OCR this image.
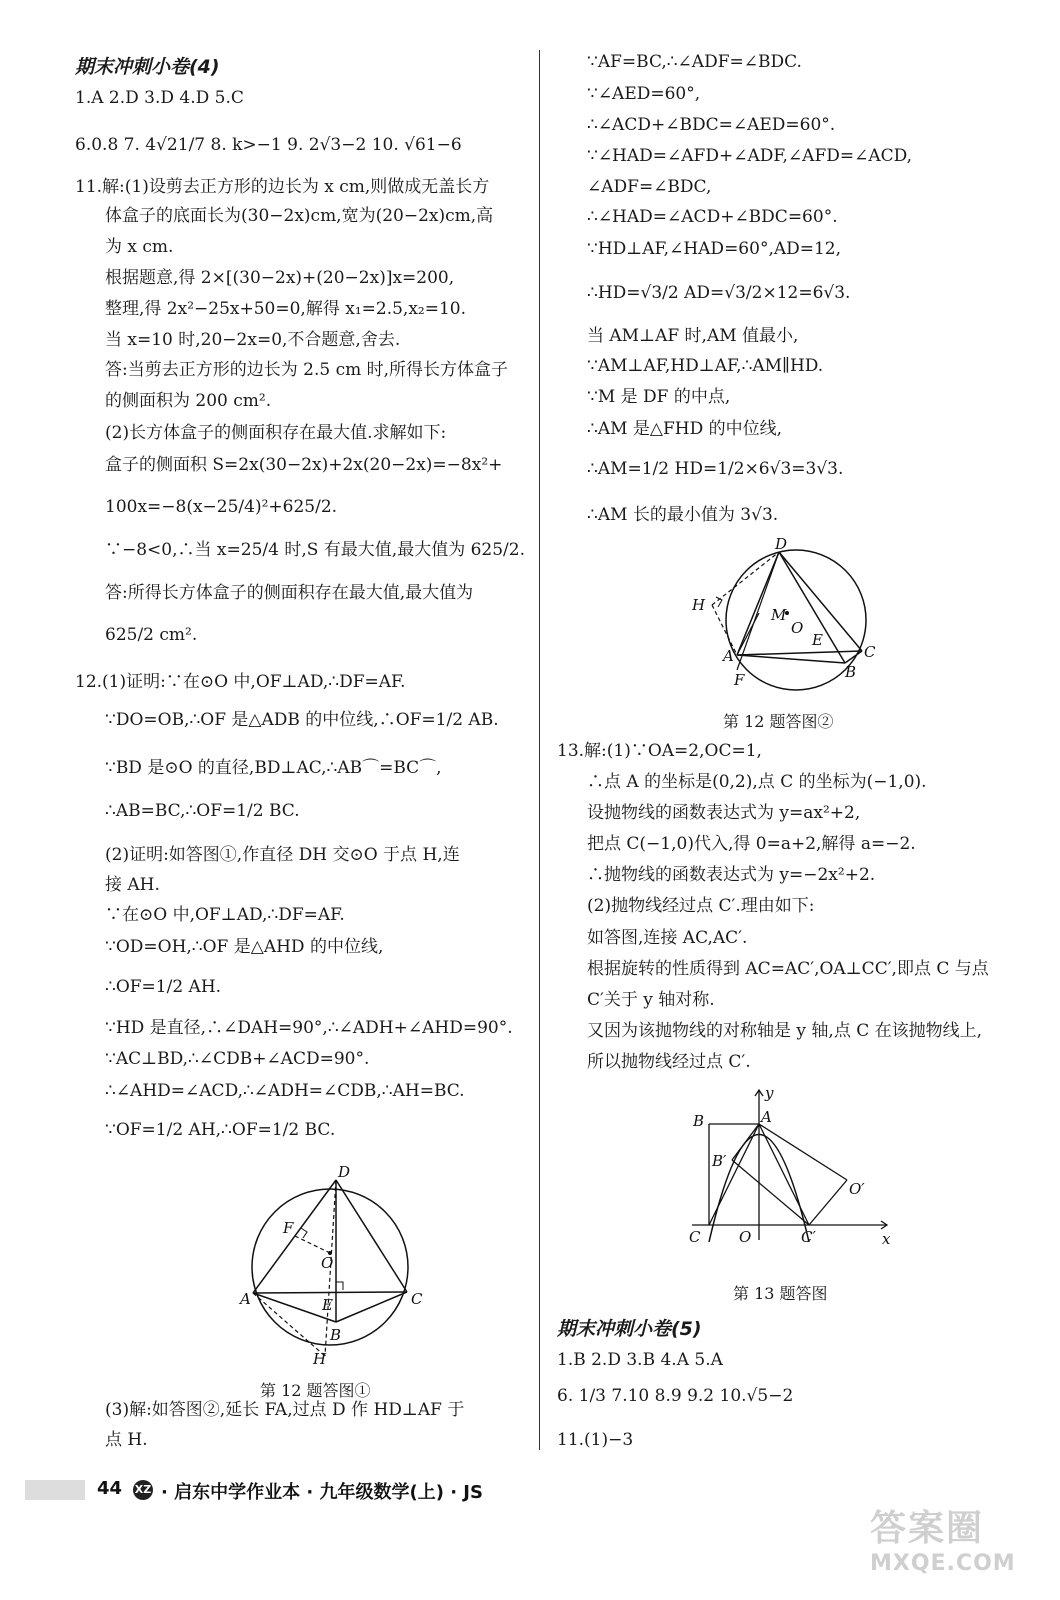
期末冲刺小卷(4)
1.A 2.D 3.D 4.D 5.C
6.0.8 7. 4√21/7 8. k>−1 9. 2√3−2 10. √61−6
11.解:(1)设剪去正方形的边长为 x cm,则做成无盖长方
体盒子的底面长为(30−2x)cm,宽为(20−2x)cm,高
为 x cm.
根据题意,得 2×[(30−2x)+(20−2x)]x=200,
整理,得 2x²−25x+50=0,解得 x₁=2.5,x₂=10.
当 x=10 时,20−2x=0,不合题意,舍去.
答:当剪去正方形的边长为 2.5 cm 时,所得长方体盒子
的侧面积为 200 cm².
(2)长方体盒子的侧面积存在最大值.求解如下:
盒子的侧面积 S=2x(30−2x)+2x(20−2x)=−8x²+
100x=−8(x−25/4)²+625/2.
∵−8<0,∴当 x=25/4 时,S 有最大值,最大值为 625/2.
答:所得长方体盒子的侧面积存在最大值,最大值为
625/2 cm².
12.(1)证明:∵在⊙O 中,OF⊥AD,∴DF=AF.
∵DO=OB,∴OF 是△ADB 的中位线,∴OF=1/2 AB.
∵BD 是⊙O 的直径,BD⊥AC,∴AB⌒=BC⌒,
∴AB=BC,∴OF=1/2 BC.
(2)证明:如答图①,作直径 DH 交⊙O 于点 H,连
接 AH.
∵在⊙O 中,OF⊥AD,∴DF=AF.
∵OD=OH,∴OF 是△AHD 的中位线,
∴OF=1/2 AH.
∵HD 是直径,∴∠DAH=90°,∴∠ADH+∠AHD=90°.
∵AC⊥BD,∴∠CDB+∠ACD=90°.
∴∠AHD=∠ACD,∴∠ADH=∠CDB,∴AH=BC.
∵OF=1/2 AH,∴OF=1/2 BC.
D
F
O
A	E	C
H
B
第 12 题答图①
(3)解:如答图②,延长 FA,过点 D 作 HD⊥AF 于
点 H.
∵AF=BC,∴∠ADF=∠BDC.
∵∠AED=60°,
∴∠ACD+∠BDC=∠AED=60°.
∵∠HAD=∠AFD+∠ADF,∠AFD=∠ACD,
∠ADF=∠BDC,
∴∠HAD=∠ACD+∠BDC=60°.
∵HD⊥AF,∠HAD=60°,AD=12,
∴HD=√3/2 AD=√3/2×12=6√3.
当 AM⊥AF 时,AM 值最小,
∵AM⊥AF,HD⊥AF,∴AM∥HD.
∵M 是 DF 的中点,
∴AM 是△FHD 的中位线,
∴AM=1/2 HD=1/2×6√3=3√3.
∴AM 长的最小值为 3√3.
D
H
M
O
E
A	C
F	B
第 12 题答图②
13.解:(1)∵OA=2,OC=1,
∴点 A 的坐标是(0,2),点 C 的坐标为(−1,0).
设抛物线的函数表达式为 y=ax²+2,
把点 C(−1,0)代入,得 0=a+2,解得 a=−2.
∴抛物线的函数表达式为 y=−2x²+2.
(2)抛物线经过点 C′.理由如下:
如答图,连接 AC,AC′.
根据旋转的性质得到 AC=AC′,OA⊥CC′,即点 C 与点
C′关于 y 轴对称.
又因为该抛物线的对称轴是 y 轴,点 C 在该抛物线上,
所以抛物线经过点 C′.
y
A
B
B′
O′
C	O	C′	x
第 13 题答图
期末冲刺小卷(5)
1.B 2.D 3.B 4.A 5.A
6. 1/3 7.10 8.9 9.2 10.√5−2
11.(1)−3
44 XZ · 启东中学作业本 · 九年级数学(上) · JS
答案圈
MXQE.COM
